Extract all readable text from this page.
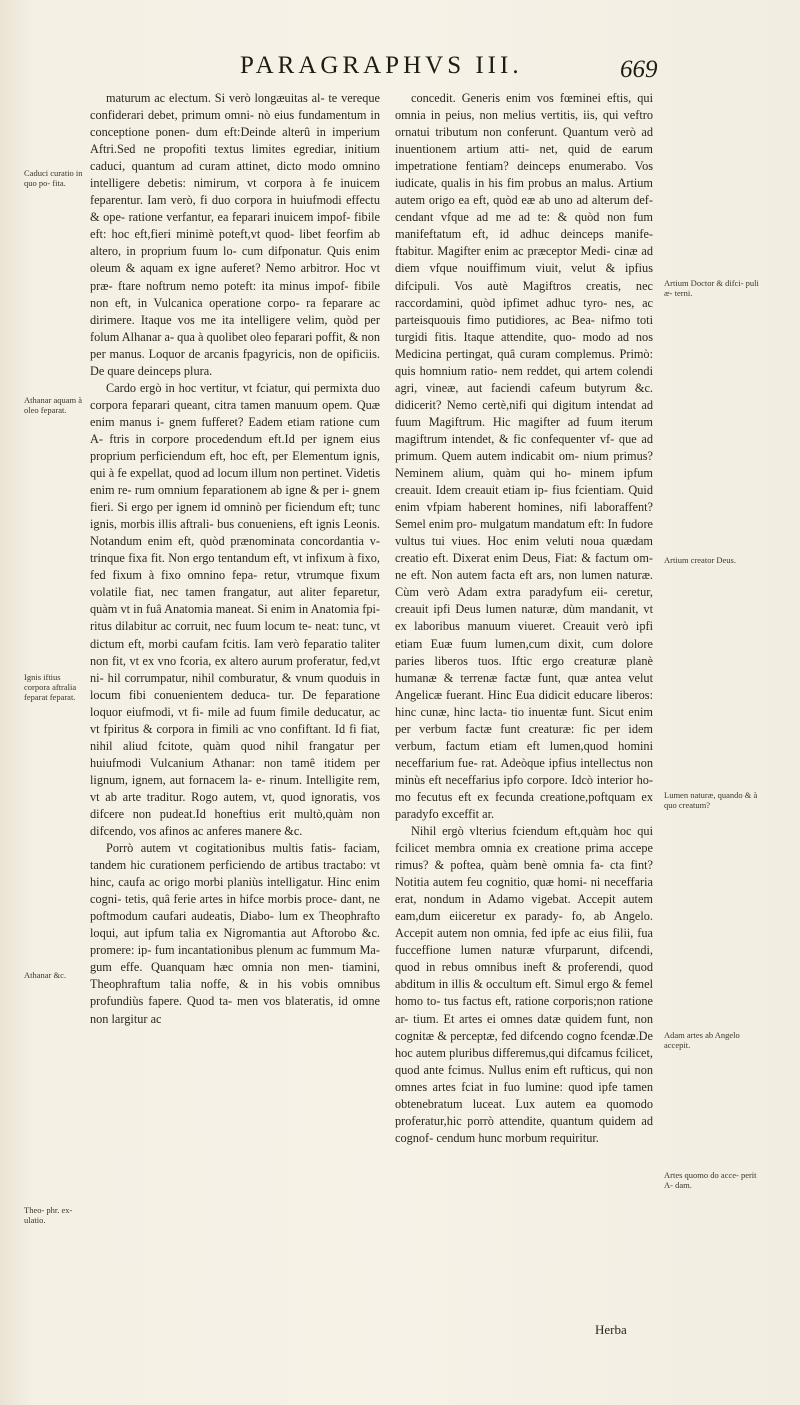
PARAGRAPHVS III.	669
Caduci curatio in quo po- fita.
Athanar aquam à oleo feparat.
Ignis iftius corpora aftralia feparat feparat.
Athanar &c.
Theo- phr. ex- ulatio.

maturum ac electum. Si verò longæuitas al- te vereque confiderari debet, primum omni- nò eius fundamentum in conceptione ponen- dum eft:Deinde alterû in imperium Aftri.Sed ne propofiti textus limites egrediar, initium caduci, quantum ad curam attinet, dicto modo omnino intelligere debetis: nimirum, vt corpora à fe inuicem feparentur. Iam verò, fi duo corpora in huiufmodi effectu & ope- ratione verfantur, ea feparari inuicem impof- fibile eft: hoc eft,fieri minimè poteft,vt quod- libet feorfim ab altero, in proprium fuum lo- cum difponatur. Quis enim oleum & aquam ex igne auferet? Nemo arbitror. Hoc vt præ- ftare noftrum nemo poteft: ita minus impof- fibile non eft, in Vulcanica operatione corpo- ra feparare ac dirimere. Itaque vos me ita intelligere velim, quòd per folum Alhanar a- qua à quolibet oleo feparari poffit, & non per manus. Loquor de arcanis fpagyricis, non de opificiis. De quare deinceps plura.

Cardo ergò in hoc vertitur, vt fciatur, qui permixta duo corpora feparari queant, citra tamen manuum opem. Quæ enim manus i- gnem fufferet? Eadem etiam ratione cum A- ftris in corpore procedendum eft.Id per ignem eius proprium perficiendum eft, hoc eft, per Elementum ignis, qui à fe expellat, quod ad locum illum non pertinet. Videtis enim re- rum omnium feparationem ab igne & per i- gnem fieri. Si ergo per ignem id omninò per ficiendum eft; tunc ignis, morbis illis aftrali- bus conueniens, eft ignis Leonis. Notandum enim eft, quòd prænominata concordantia v- trinque fixa fit. Non ergo tentandum eft, vt infixum à fixo, fed fixum à fixo omnino fepa- retur, vtrumque fixum volatile fiat, nec tamen frangatur, aut aliter feparetur, quàm vt in fuâ Anatomia maneat. Si enim in Anatomia fpi- ritus dilabitur ac corruit, nec fuum locum te- neat: tunc, vt dictum eft, morbi caufam fcitis. Iam verò feparatio taliter non fit, vt ex vno fcoria, ex altero aurum proferatur, fed,vt ni- hil corrumpatur, nihil comburatur, & vnum quoduis in locum fibi conuenientem deduca- tur. De feparatione loquor eiufmodi, vt fi- mile ad fuum fimile deducatur, ac vt fpiritus & corpora in fimili ac vno confiftant. Id fi fiat, nihil aliud fcitote, quàm quod nihil frangatur per huiufmodi Vulcanium Athanar: non tamê itidem per lignum, ignem, aut fornacem la- e- rinum. Intelligite rem, vt ab arte traditur. Rogo autem, vt, quod ignoratis, vos difcere non pudeat.Id honeftius erit multò,quàm non difcendo, vos afinos ac anferes manere &c.

Porrò autem vt cogitationibus multis fatis- faciam, tandem hic curationem perficiendo de artibus tractabo: vt hinc, caufa ac origo morbi planiùs intelligatur. Hinc enim cogni- tetis, quâ ferie artes in hifce morbis proce- dant, ne poftmodum caufari audeatis, Diabo- lum ex Theophrafto loqui, aut ipfum talia ex Nigromantia aut Aftorobo &c. promere: ip- fum incantationibus plenum ac fummum Ma- gum effe. Quanquam hæc omnia non men- tiamini, Theophraftum talia noffe, & in his vobis omnibus profundiùs fapere. Quod ta- men vos blateratis, id omne non largitur ac

concedit. Generis enim vos fœminei eftis, qui omnia in peius, non melius vertitis, iis, qui veftro ornatui tributum non conferunt. Quantum verò ad inuentionem artium atti- net, quid de earum impetratione fentiam? deinceps enumerabo. Vos iudicate, qualis in his fim probus an malus. Artium autem origo ea eft, quòd eæ ab uno ad alterum def- cendant vfque ad me ad te: & quòd non fum manifeftatum eft, id adhuc deinceps manife- ftabitur. Magifter enim ac præceptor Medi- cinæ ad diem vfque nouiffimum viuit, velut & ipfius difcipuli. Vos autè Magiftros creatis, nec raccordamini, quòd ipfimet adhuc tyro- nes, ac parteisquouis fimo putidiores, ac Bea- nifmo toti turgidi fitis. Itaque attendite, quo- modo ad nos Medicina pertingat, quâ curam complemus. Primò: quis homnium ratio- nem reddet, qui artem colendi agri, vineæ, aut faciendi cafeum butyrum &c. didicerit? Nemo certè,nifi qui digitum intendat ad fuum Magiftrum. Hic magifter ad fuum iterum magiftrum intendet, & fic confequenter vf- que ad primum. Quem autem indicabit om- nium primus? Neminem alium, quàm qui ho- minem ipfum creauit. Idem creauit etiam ip- fius fcientiam. Quid enim vfpiam haberent homines, nifi laboraffent? Semel enim pro- mulgatum mandatum eft: In fudore vultus tui viues. Hoc enim veluti noua quædam creatio eft. Dixerat enim Deus, Fiat: & factum om- ne eft. Non autem facta eft ars, non lumen naturæ. Cùm verò Adam extra paradyfum eii- ceretur, creauit ipfi Deus lumen naturæ, dùm mandanit, vt ex laboribus manuum viueret. Creauit verò ipfi etiam Euæ fuum lumen,cum dixit, cum dolore paries liberos tuos. Iftic ergo creaturæ planè humanæ & terrenæ factæ funt, quæ antea velut Angelicæ fuerant. Hinc Eua didicit educare liberos: hinc cunæ, hinc lacta- tio inuentæ funt. Sicut enim per verbum factæ funt creaturæ: fic per idem verbum, factum etiam eft lumen,quod homini neceffarium fue- rat. Adeòque ipfius intellectus non minùs eft neceffarius ipfo corpore. Idcò interior ho- mo fecutus eft ex fecunda creatione,poftquam ex paradyfo exceffit ar.

Nihil ergò vlterius fciendum eft,quàm hoc qui fcilicet membra omnia ex creatione prima accepe rimus? & poftea, quàm benè omnia fa- cta fint?Notitia autem feu cognitio, quæ homi- ni neceffaria erat, nondum in Adamo vigebat. Accepit autem eam,dum eiiceretur ex parady- fo, ab Angelo. Accepit autem non omnia, fed ipfe ac eius filii, fua fucceffione lumen naturæ vfurparunt, difcendi, quod in rebus omnibus ineft & proferendi, quod abditum in illis & occultum eft. Simul ergo & femel homo to- tus factus eft, ratione corporis;non ratione ar- tium. Et artes ei omnes datæ quidem funt, non cognitæ & perceptæ, fed difcendo cogno fcendæ.De hoc autem pluribus differemus,qui difcamus fcilicet, quod ante fcimus. Nullus enim eft rufticus, qui non omnes artes fciat in fuo lumine: quod ipfe tamen obtenebratum luceat. Lux autem ea quomodo proferatur,hic porrò attendite, quantum quidem ad cognof- cendum hunc morbum requiritur.

Artium Doctor & difci- puli æ- terni.
Artium creator Deus.
Lumen naturæ, quando & à quo creatum?
Adam artes ab Angelo accepit.
Artes quomo do acce- perit A- dam.
Herba
